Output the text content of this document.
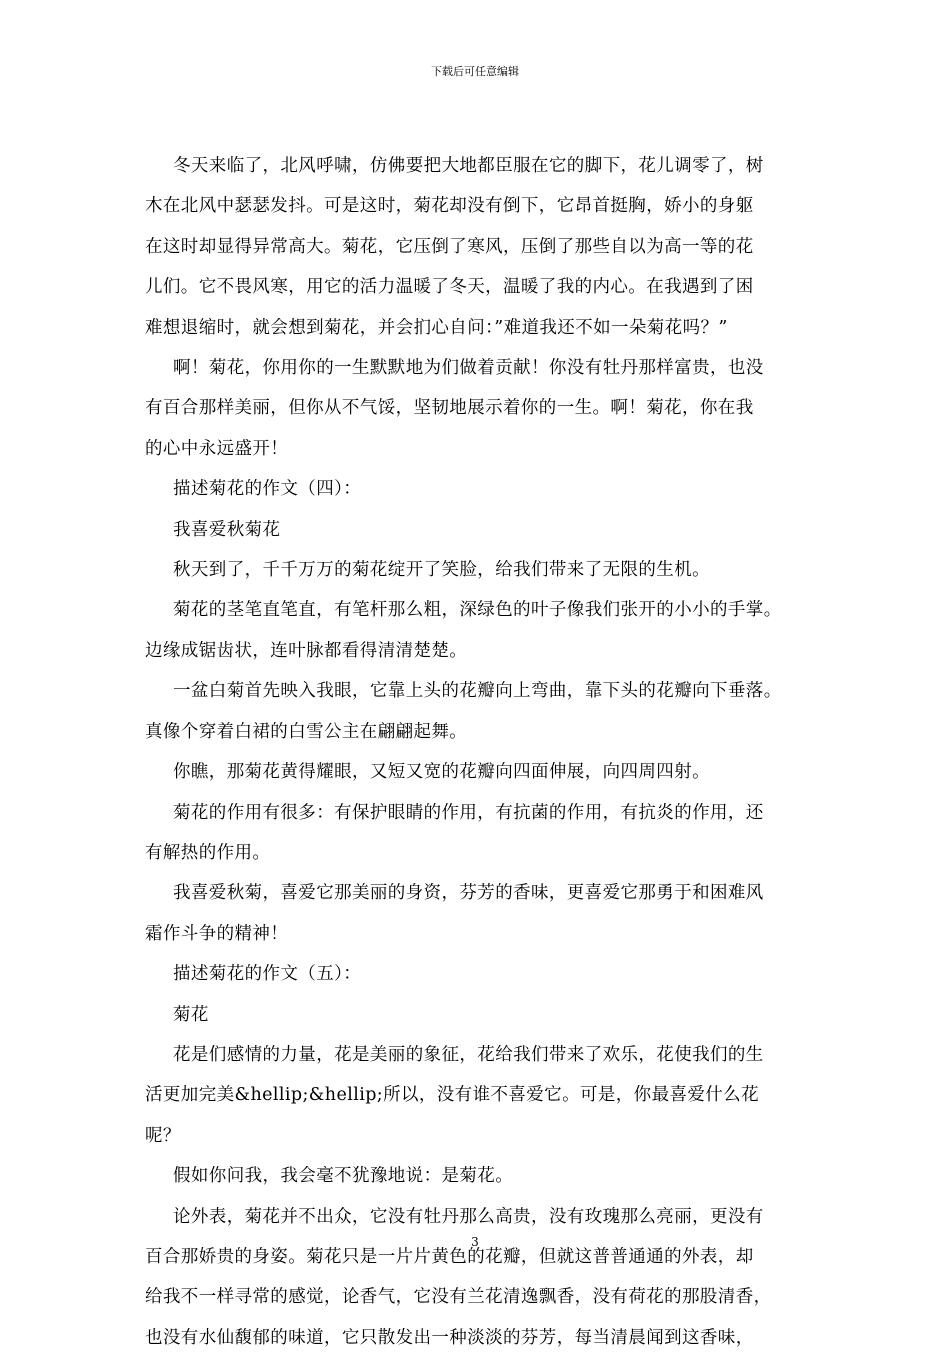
下载后可任意编辑

冬天来临了，北风呼啸，仿佛要把大地都臣服在它的脚下，花儿调零了，树
木在北风中瑟瑟发抖。可是这时，菊花却没有倒下，它昂首挺胸，娇小的身躯
在这时却显得异常高大。菊花，它压倒了寒风，压倒了那些自以为高一等的花
儿们。它不畏风寒，用它的活力温暖了冬天，温暖了我的内心。在我遇到了困
难想退缩时，就会想到菊花，并会扪心自问：”难道我还不如一朵菊花吗？”

啊！菊花，你用你的一生默默地为们做着贡献！你没有牡丹那样富贵，也没
有百合那样美丽，但你从不气馁，坚韧地展示着你的一生。啊！菊花，你在我
的心中永远盛开！

描述菊花的作文（四）：

我喜爱秋菊花

秋天到了，千千万万的菊花绽开了笑脸，给我们带来了无限的生机。

菊花的茎笔直笔直，有笔杆那么粗，深绿色的叶子像我们张开的小小的手掌。
边缘成锯齿状，连叶脉都看得清清楚楚。

一盆白菊首先映入我眼，它靠上头的花瓣向上弯曲，靠下头的花瓣向下垂落。
真像个穿着白裙的白雪公主在翩翩起舞。

你瞧，那菊花黄得耀眼，又短又宽的花瓣向四面伸展，向四周四射。

菊花的作用有很多：有保护眼睛的作用，有抗菌的作用，有抗炎的作用，还
有解热的作用。

我喜爱秋菊，喜爱它那美丽的身资，芬芳的香味，更喜爱它那勇于和困难风
霜作斗争的精神！

描述菊花的作文（五）：

菊花

花是们感情的力量，花是美丽的象征，花给我们带来了欢乐，花使我们的生
活更加完美&hellip;&hellip;所以，没有谁不喜爱它。可是，你最喜爱什么花
呢？

假如你问我，我会毫不犹豫地说：是菊花。

论外表，菊花并不出众，它没有牡丹那么高贵，没有玫瑰那么亮丽，更没有
百合那娇贵的身姿。菊花只是一片片黄色的花瓣，但就这普普通通的外表，却
给我不一样寻常的感觉，论香气，它没有兰花清逸飘香，没有荷花的那股清香，
也没有水仙馥郁的味道，它只散发出一种淡淡的芬芳，每当清晨闻到这香味，

3
